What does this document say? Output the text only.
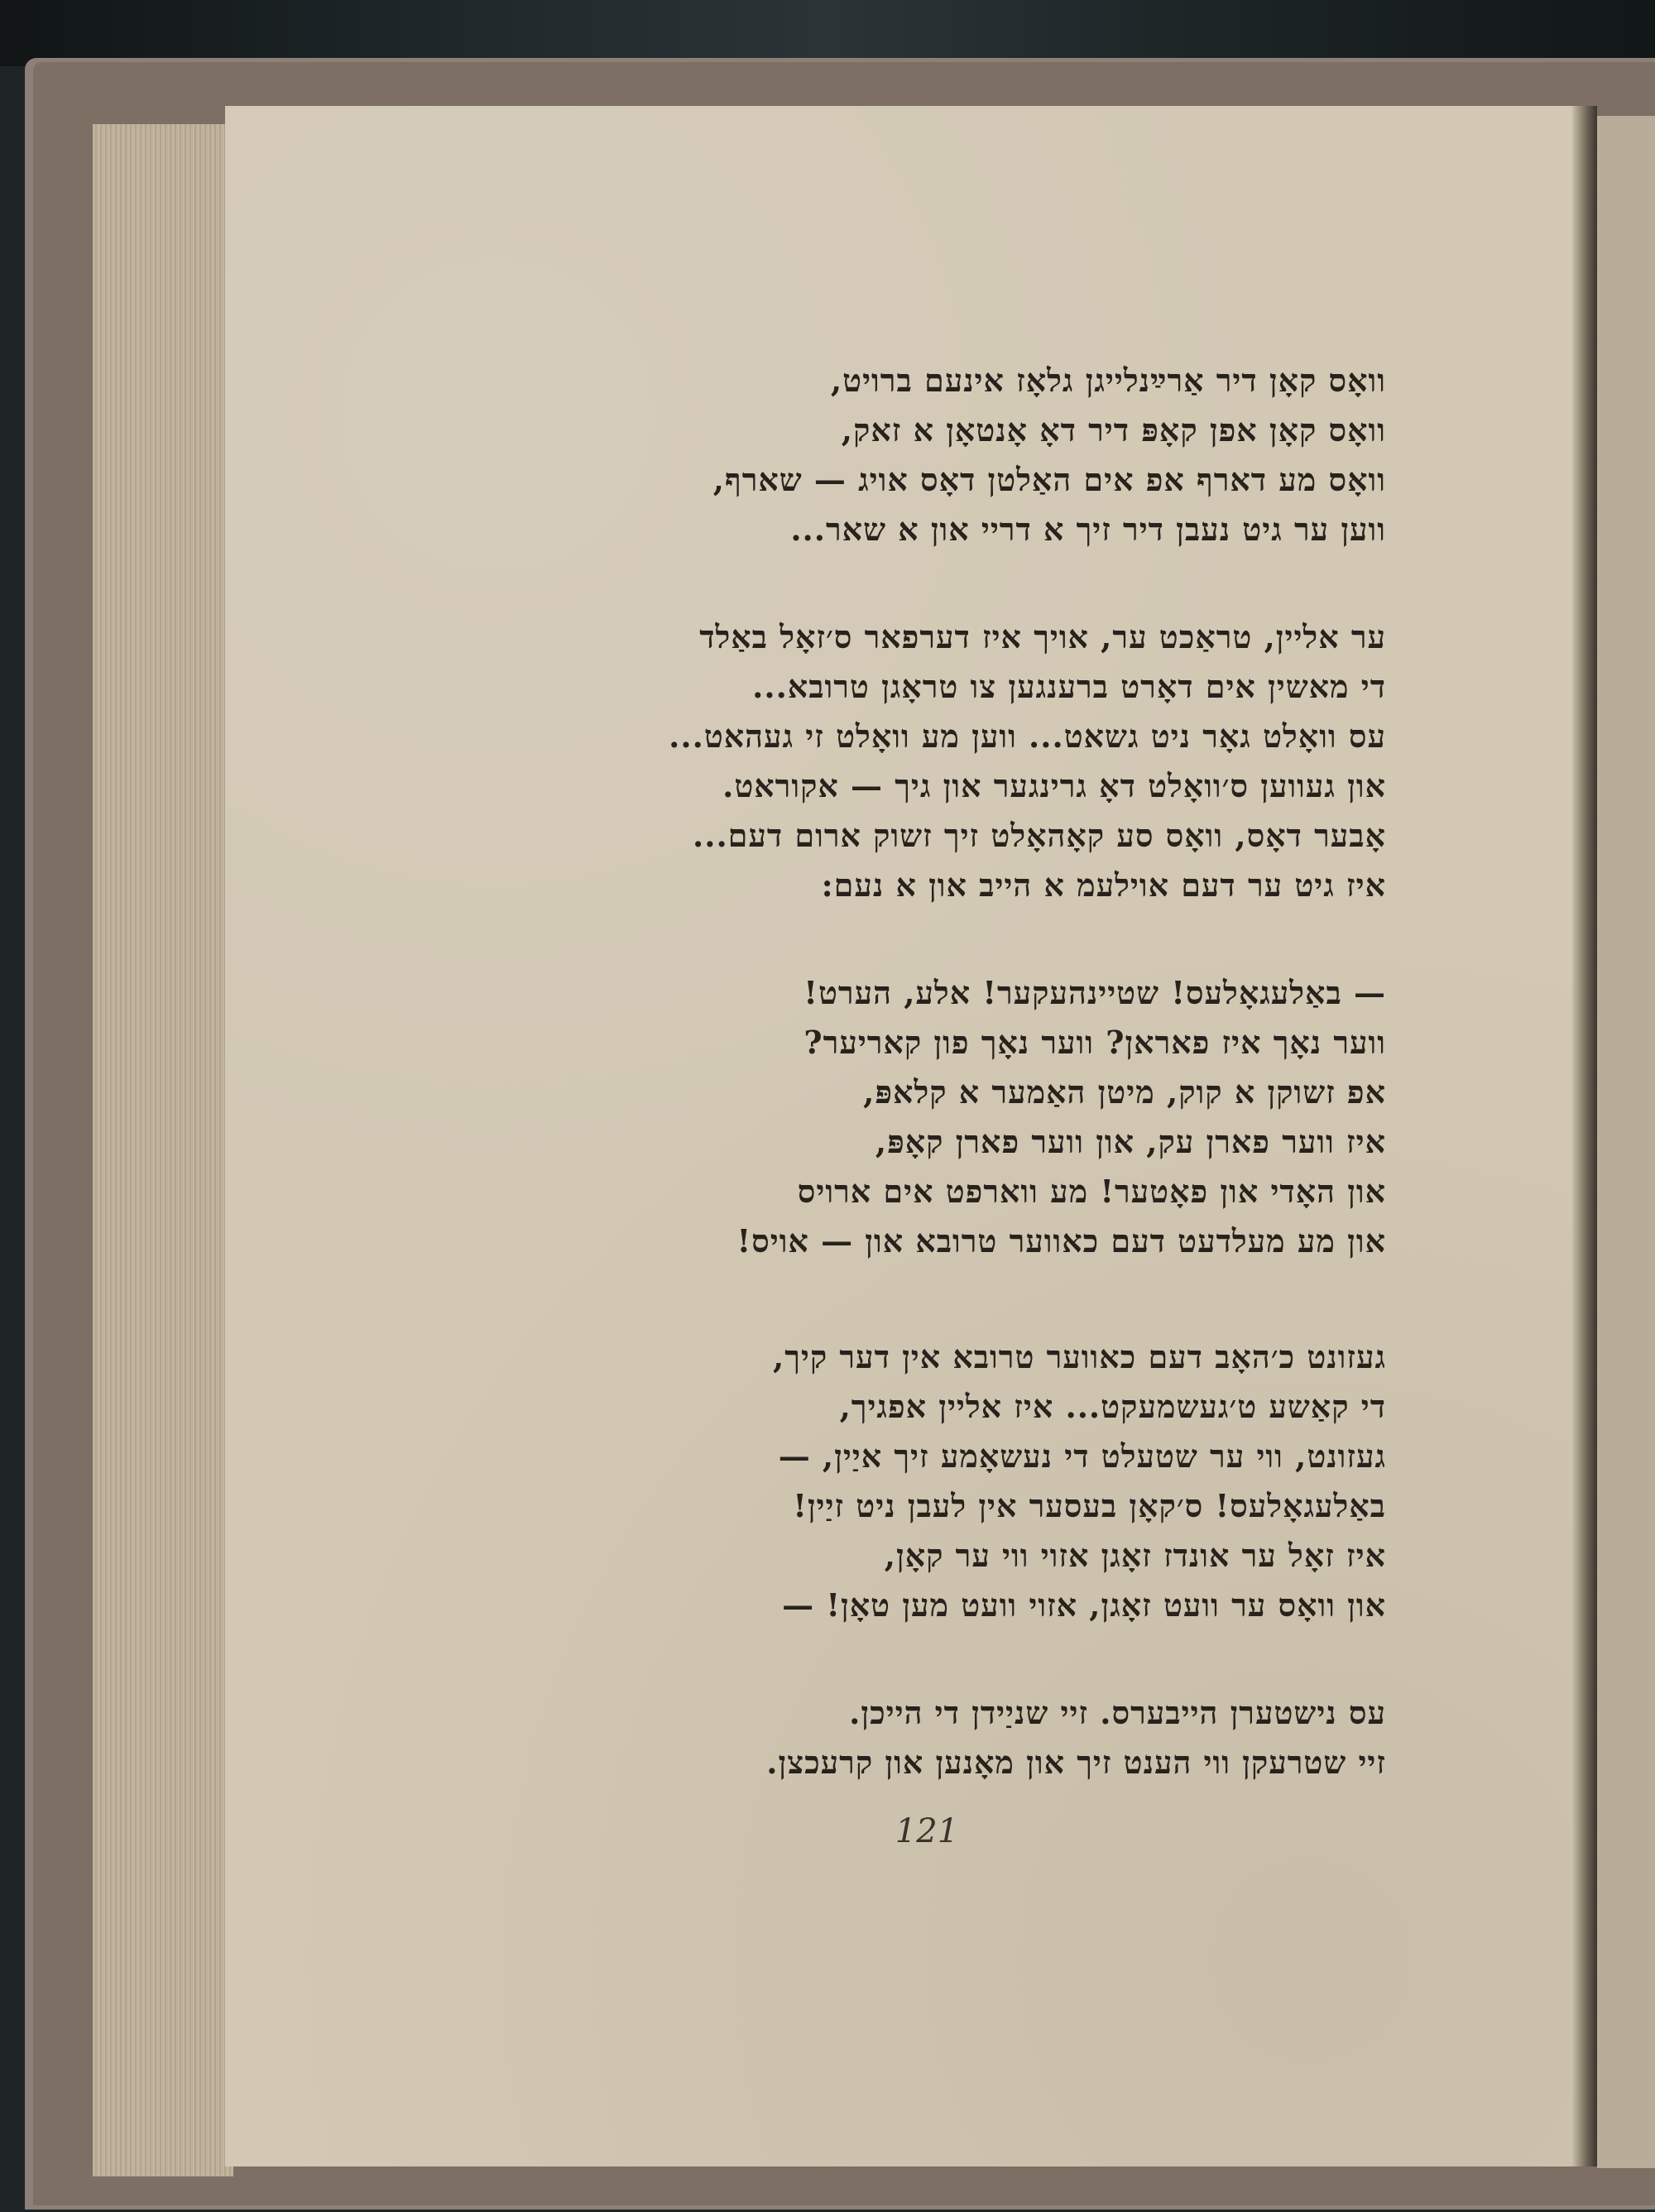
וואָס קאָן דיר אַרײַנלייגן גלאָז אינעם ברויט,
וואָס קאָן אפן קאָפּ דיר דאָ אָנטאָן א זאק,
וואָס מע דארף אפ אים האַלטן דאָס אויג — שארף,
ווען ער גיט נעבן דיר זיך א דריי און א שאר...
ער אליין, טראַכט ער, אויך איז דערפאר ס׳זאָל באַלד
די מאשין אים דאָרט ברענגען צו טראָגן טרובא...
עס וואָלט גאָר ניט גשאט... ווען מע וואָלט זי געהאט...
און געווען ס׳וואָלט דאָ גרינגער און גיך — אקוראט.
אָבער דאָס, וואָס סע קאָהאָלט זיך זשוק ארום דעם...
איז גיט ער דעם אוילעמ א הייב און א נעם:
— באַלעגאָלעס! שטיינהעקער! אלע, הערט!
ווער נאָך איז פאראן? ווער נאָך פון קאריער?
אפ זשוקן א קוק, מיטן האַמער א קלאפּ,
איז ווער פארן עק, און ווער פארן קאָפּ,
און האָדי און פאָטער! מע ווארפט אים ארויס
און מע מעלדעט דעם כאווער טרובא און — אויס!
געזונט כ׳האָב דעם כאווער טרובא אין דער קיך,
די קאַשע ט׳געשמעקט... איז אליין אפגיך,
געזונט, ווי ער שטעלט די נעשאָמע זיך איַין, —
באַלעגאָלעס! ס׳קאָן בעסער אין לעבן ניט זיַין!
איז זאָל ער אונדז זאָגן אזוי ווי ער קאָן,
און וואָס ער וועט זאָגן, אזוי וועט מען טאָן! —
עס נישטערן הייבערס. זיי שניַידן די הייכן.
זיי שטרעקן ווי הענט זיך און מאָנען און קרעכצן.
121
